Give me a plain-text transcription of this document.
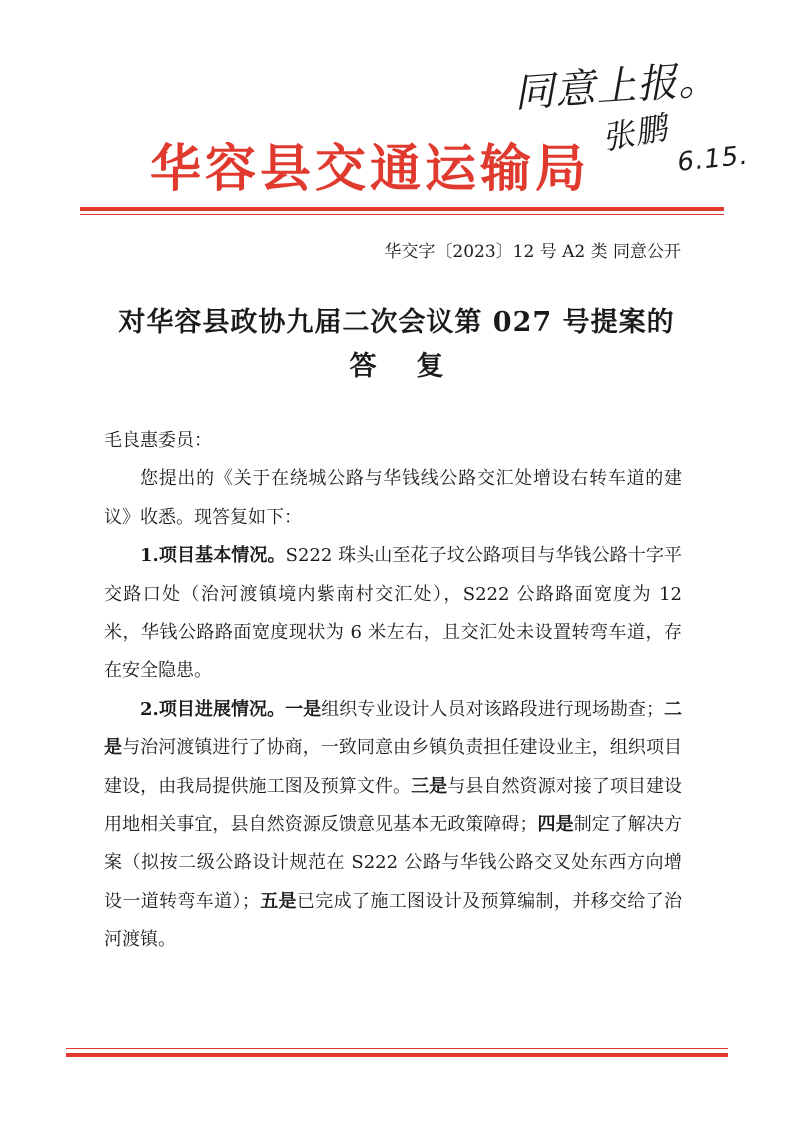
同意上报。
张鹏
6.15.
华容县交通运输局
华交字〔2023〕12 号 A2 类 同意公开
对华容县政协九届二次会议第 027 号提案的
答复

毛良惠委员：

您提出的《关于在绕城公路与华钱线公路交汇处增设右转车道的建议》收悉。现答复如下：

1.项目基本情况。S222 珠头山至花子坟公路项目与华钱公路十字平交路口处（治河渡镇境内紫南村交汇处），S222 公路路面宽度为 12 米，华钱公路路面宽度现状为 6 米左右，且交汇处未设置转弯车道，存在安全隐患。

2.项目进展情况。一是组织专业设计人员对该路段进行现场勘查；二是与治河渡镇进行了协商，一致同意由乡镇负责担任建设业主，组织项目建设，由我局提供施工图及预算文件。三是与县自然资源对接了项目建设用地相关事宜，县自然资源反馈意见基本无政策障碍；四是制定了解决方案（拟按二级公路设计规范在 S222 公路与华钱公路交叉处东西方向增设一道转弯车道）；五是已完成了施工图设计及预算编制，并移交给了治河渡镇。
